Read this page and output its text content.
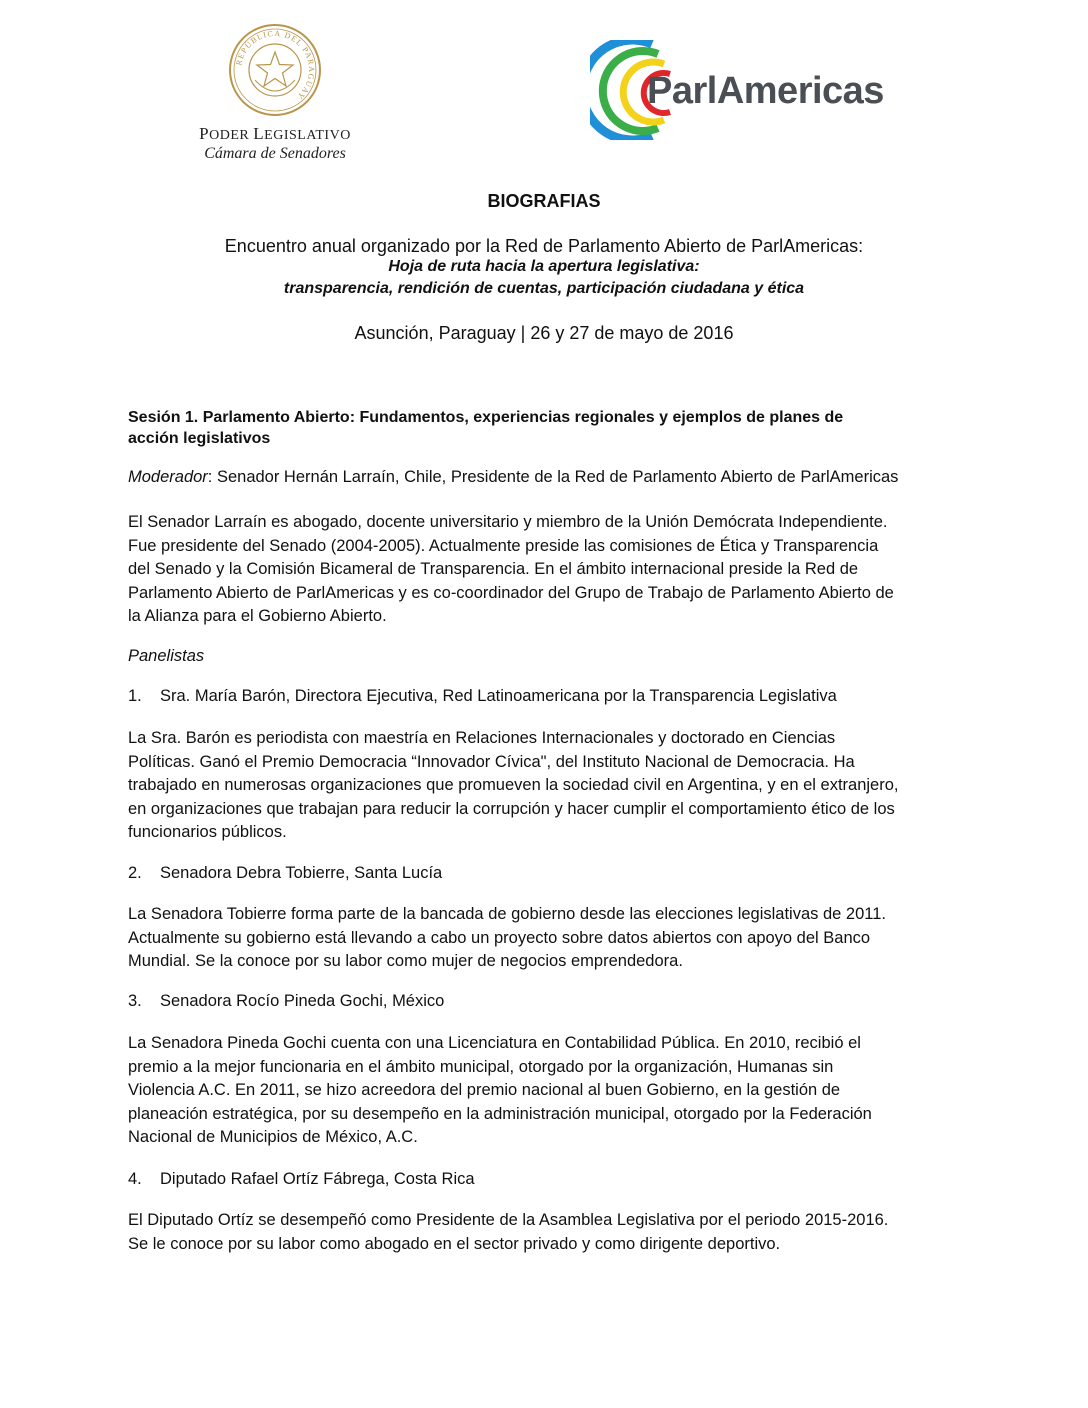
REPÚBLICA DEL PARAGUAY
PODER LEGISLATIVO
Cámara de Senadores
ParlAmericas
BIOGRAFIAS
Encuentro anual organizado por la Red de Parlamento Abierto de ParlAmericas:
Hoja de ruta hacia la apertura legislativa:
transparencia, rendición de cuentas, participación ciudadana y ética
Asunción, Paraguay | 26 y 27 de mayo de 2016
Sesión 1. Parlamento Abierto: Fundamentos, experiencias regionales y ejemplos de planes de
acción legislativos
Moderador: Senador Hernán Larraín, Chile, Presidente de la Red de Parlamento Abierto de ParlAmericas
El Senador Larraín es abogado, docente universitario y miembro de la Unión Demócrata Independiente.
Fue presidente del Senado (2004-2005). Actualmente preside las comisiones de Ética y Transparencia
del Senado y la Comisión Bicameral de Transparencia. En el ámbito internacional preside la Red de
Parlamento Abierto de ParlAmericas y es co-coordinador del Grupo de Trabajo de Parlamento Abierto de
la Alianza para el Gobierno Abierto.
Panelistas
1. Sra. María Barón, Directora Ejecutiva, Red Latinoamericana por la Transparencia Legislativa
La Sra. Barón es periodista con maestría en Relaciones Internacionales y doctorado en Ciencias
Políticas. Ganó el Premio Democracia “Innovador Cívica", del Instituto Nacional de Democracia. Ha
trabajado en numerosas organizaciones que promueven la sociedad civil en Argentina, y en el extranjero,
en organizaciones que trabajan para reducir la corrupción y hacer cumplir el comportamiento ético de los
funcionarios públicos.
2. Senadora Debra Tobierre, Santa Lucía
La Senadora Tobierre forma parte de la bancada de gobierno desde las elecciones legislativas de 2011.
Actualmente su gobierno está llevando a cabo un proyecto sobre datos abiertos con apoyo del Banco
Mundial. Se la conoce por su labor como mujer de negocios emprendedora.
3. Senadora Rocío Pineda Gochi, México
La Senadora Pineda Gochi cuenta con una Licenciatura en Contabilidad Pública. En 2010, recibió el
premio a la mejor funcionaria en el ámbito municipal, otorgado por la organización, Humanas sin
Violencia A.C. En 2011, se hizo acreedora del premio nacional al buen Gobierno, en la gestión de
planeación estratégica, por su desempeño en la administración municipal, otorgado por la Federación
Nacional de Municipios de México, A.C.
4. Diputado Rafael Ortíz Fábrega, Costa Rica
El Diputado Ortíz se desempeñó como Presidente de la Asamblea Legislativa por el periodo 2015-2016.
Se le conoce por su labor como abogado en el sector privado y como dirigente deportivo.
